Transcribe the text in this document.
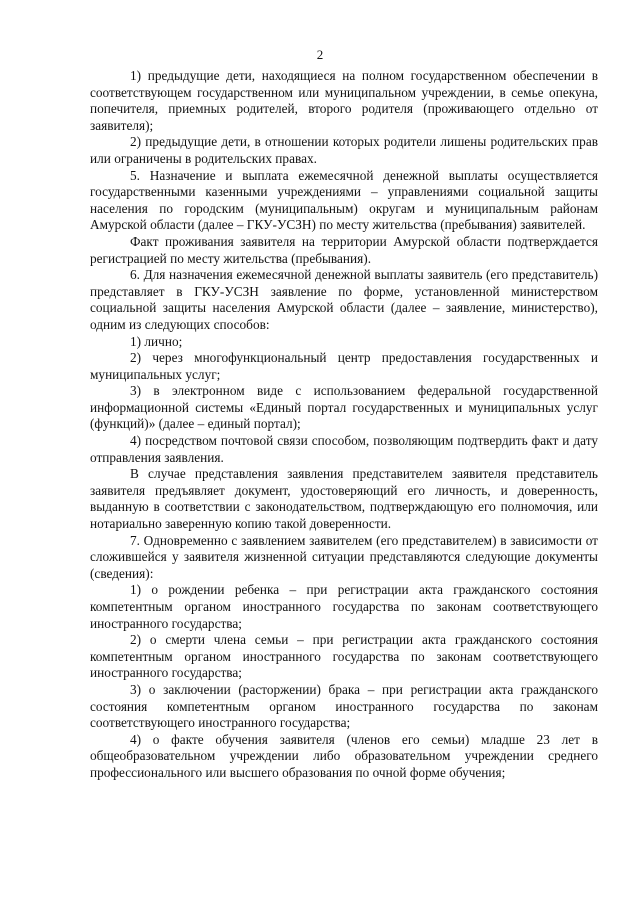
2

1) предыдущие дети, находящиеся на полном государственном обеспечении в соответствующем государственном или муниципальном учреждении, в семье опекуна, попечителя, приемных родителей, второго родителя (проживающего отдельно от заявителя);

2) предыдущие дети, в отношении которых родители лишены родительских прав или ограничены в родительских правах.

5. Назначение и выплата ежемесячной денежной выплаты осуществляется государственными казенными учреждениями – управлениями социальной защиты населения по городским (муниципальным) округам и муниципальным районам Амурской области (далее – ГКУ-УСЗН) по месту жительства (пребывания) заявителей.

Факт проживания заявителя на территории Амурской области подтверждается регистрацией по месту жительства (пребывания).

6. Для назначения ежемесячной денежной выплаты заявитель (его представитель) представляет в ГКУ-УСЗН заявление по форме, установленной министерством социальной защиты населения Амурской области (далее – заявление, министерство), одним из следующих способов:

1) лично;

2) через многофункциональный центр предоставления государственных и муниципальных услуг;

3) в электронном виде с использованием федеральной государственной информационной системы «Единый портал государственных и муниципальных услуг (функций)» (далее – единый портал);

4) посредством почтовой связи способом, позволяющим подтвердить факт и дату отправления заявления.

В случае представления заявления представителем заявителя представитель заявителя предъявляет документ, удостоверяющий его личность, и доверенность, выданную в соответствии с законодательством, подтверждающую его полномочия, или нотариально заверенную копию такой доверенности.

7. Одновременно с заявлением заявителем (его представителем) в зависимости от сложившейся у заявителя жизненной ситуации представляются следующие документы (сведения):

1) о рождении ребенка – при регистрации акта гражданского состояния компетентным органом иностранного государства по законам соответствующего иностранного государства;

2) о смерти члена семьи – при регистрации акта гражданского состояния компетентным органом иностранного государства по законам соответствующего иностранного государства;

3) о заключении (расторжении) брака – при регистрации акта гражданского состояния компетентным органом иностранного государства по законам соответствующего иностранного государства;

4) о факте обучения заявителя (членов его семьи) младше 23 лет в общеобразовательном учреждении либо образовательном учреждении среднего профессионального или высшего образования по очной форме обучения;
